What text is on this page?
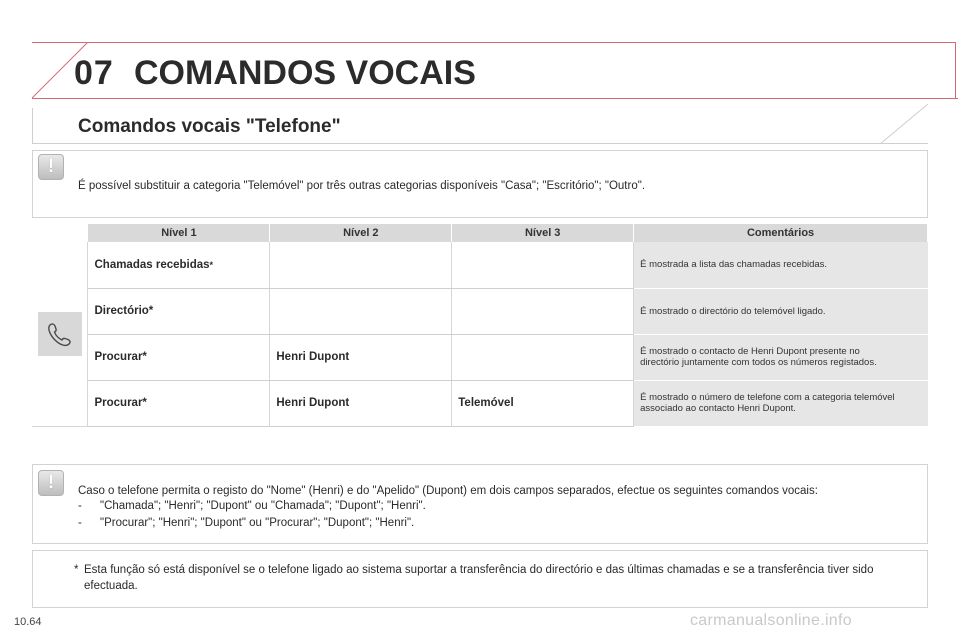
07 COMANDOS VOCAIS
Comandos vocais "Telefone"
!
É possível substituir a categoria "Telemóvel" por três outras categorias disponíveis "Casa"; "Escritório"; "Outro".
	Nível 1	Nível 2	Nível 3	Comentários

	Chamadas recebidas*			É mostrada a lista das chamadas recebidas.
	Directório*			É mostrado o directório do telemóvel ligado.
	Procurar*	Henri Dupont		É mostrado o contacto de Henri Dupont presente no directório juntamente com todos os números registados.
	Procurar*	Henri Dupont	Telemóvel	É mostrado o número de telefone com a categoria telemóvel associado ao contacto Henri Dupont.
!	Caso o telefone permita o registo do "Nome" (Henri) e do "Apelido" (Dupont) em dois campos separados, efectue os seguintes comandos vocais:
- "Chamada"; "Henri"; "Dupont" ou "Chamada"; "Dupont"; "Henri".
- "Procurar"; "Henri"; "Dupont" ou "Procurar"; "Dupont"; "Henri".
* Esta função só está disponível se o telefone ligado ao sistema suportar a transferência do directório e das últimas chamadas e se a transferência tiver sido efectuada.
10.64	carmanualsonline.info
